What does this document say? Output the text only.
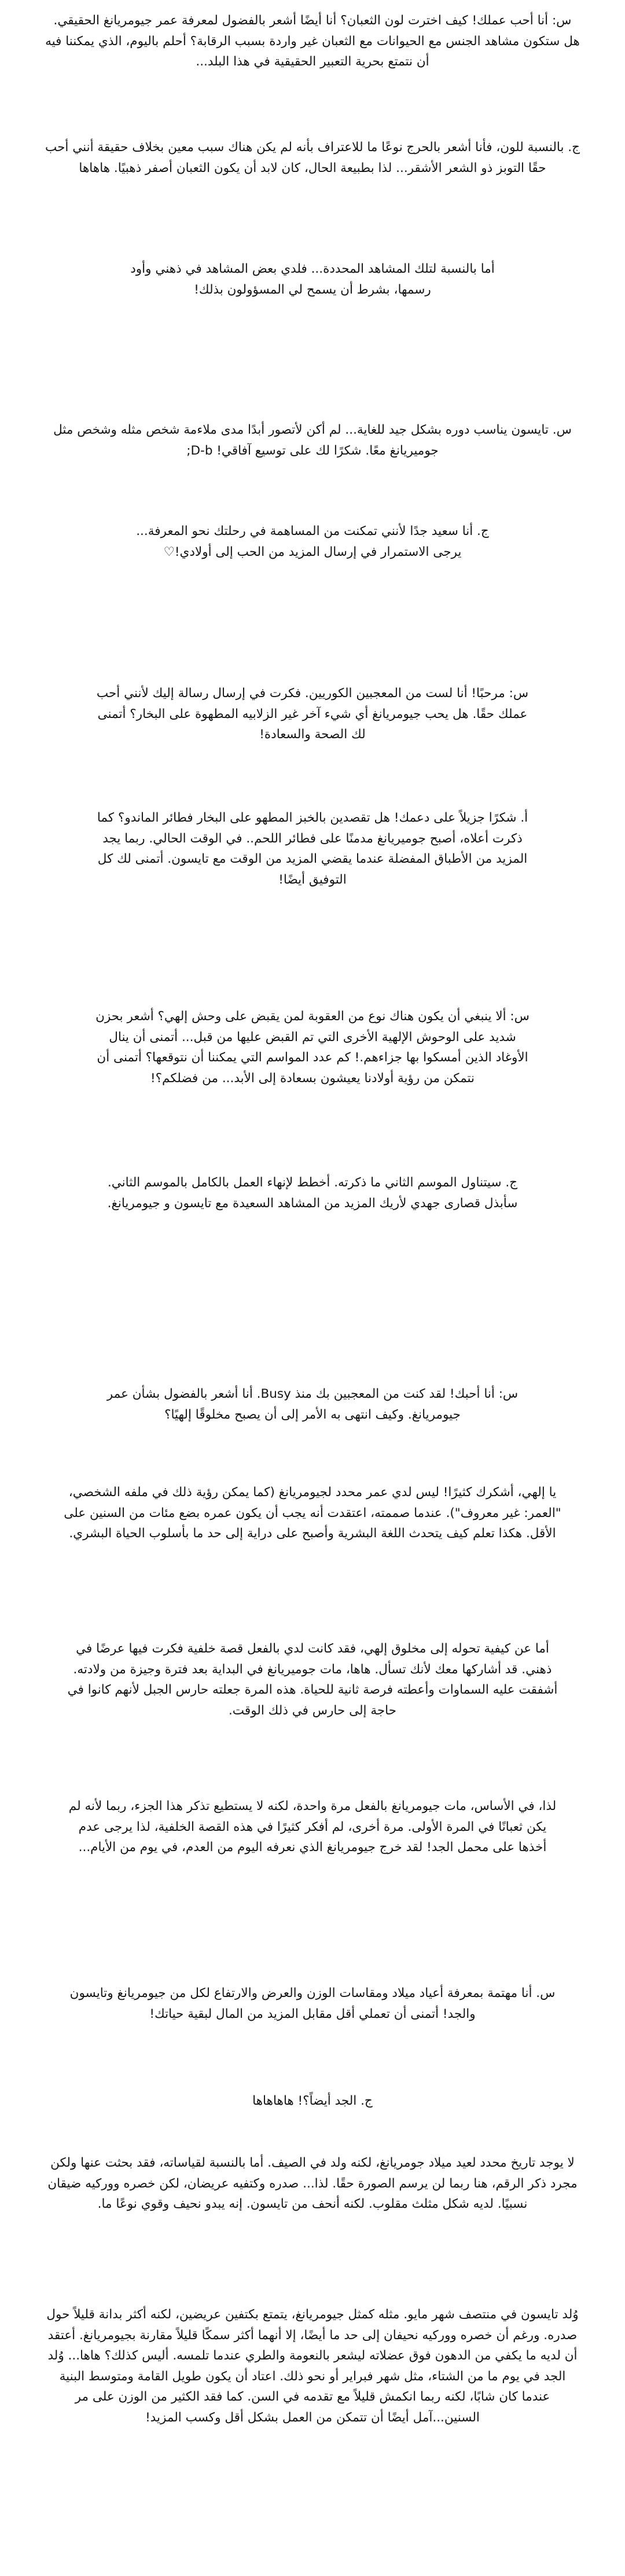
س: أنا أحب عملك! كيف اخترت لون الثعبان؟ أنا أيضًا أشعر بالفضول لمعرفة عمر جيومريانغ الحقيقي. هل ستكون مشاهد الجنس مع الحيوانات مع الثعبان غير واردة بسبب الرقابة؟ أحلم باليوم، الذي يمكننا فيه أن نتمتع بحرية التعبير الحقيقية في هذا البلد...

ج. بالنسبة للون، فأنا أشعر بالحرج نوعًا ما للاعتراف بأنه لم يكن هناك سبب معين بخلاف حقيقة أنني أحب حقًا التوبز ذو الشعر الأشقر... لذا بطبيعة الحال، كان لابد أن يكون الثعبان أصفر ذهبيًا. هاهاها

أما بالنسبة لتلك المشاهد المحددة... فلدي بعض المشاهد في ذهني وأود رسمها، بشرط أن يسمح لي المسؤولون بذلك!

س. تايسون يناسب دوره بشكل جيد للغاية... لم أكن لأتصور أبدًا مدى ملاءمة شخص مثله وشخص مثل جوميريانغ معًا. شكرًا لك على توسيع آفاقي! D-b;

ج. أنا سعيد جدًا لأنني تمكنت من المساهمة في رحلتك نحو المعرفة... يرجى الاستمرار في إرسال المزيد من الحب إلى أولادي!♡

س: مرحبًا! أنا لست من المعجبين الكوريين. فكرت في إرسال رسالة إليك لأنني أحب عملك حقًا. هل يحب جيومريانغ أي شيء آخر غير الزلابيه المطهوة على البخار؟ أتمنى لك الصحة والسعادة!

أ. شكرًا جزيلاً على دعمك! هل تقصدين بالخبز المطهو على البخار فطائر الماندو؟ كما ذكرت أعلاه، أصبح جوميريانغ مدمنًا على فطائر اللحم.. في الوقت الحالي. ربما يجد المزيد من الأطباق المفضلة عندما يقضي المزيد من الوقت مع تايسون. أتمنى لك كل التوفيق أيضًا!

س: ألا ينبغي أن يكون هناك نوع من العقوبة لمن يقبض على وحش إلهي؟ أشعر بحزن شديد على الوحوش الإلهية الأخرى التي تم القبض عليها من قبل... أتمنى أن ينال الأوغاد الذين أمسكوا بها جزاءهم.! كم عدد المواسم التي يمكننا أن نتوقعها؟ أتمنى أن نتمكن من رؤية أولادنا يعيشون بسعادة إلى الأبد... من فضلكم؟!

ج. سيتناول الموسم الثاني ما ذكرته. أخطط لإنهاء العمل بالكامل بالموسم الثاني. سأبذل قصارى جهدي لأريك المزيد من المشاهد السعيدة مع تايسون و جيومريانغ.

س: أنا أحبك! لقد كنت من المعجبين بك منذ Busy. أنا أشعر بالفضول بشأن عمر جيومريانغ. وكيف انتهى به الأمر إلى أن يصبح مخلوقًا إلهيًا؟

يا إلهي، أشكرك كثيرًا! ليس لدي عمر محدد لجيومريانغ (كما يمكن رؤية ذلك في ملفه الشخصي، "العمر: غير معروف"). عندما صممته، اعتقدت أنه يجب أن يكون عمره بضع مئات من السنين على الأقل. هكذا تعلم كيف يتحدث اللغة البشرية وأصبح على دراية إلى حد ما بأسلوب الحياة البشري.

أما عن كيفية تحوله إلى مخلوق إلهي، فقد كانت لدي بالفعل قصة خلفية فكرت فيها عرضًا في ذهني. قد أشاركها معك لأنك تسأل. هاها، مات جوميريانغ في البداية بعد فترة وجيزة من ولادته. أشفقت عليه السماوات وأعطته فرصة ثانية للحياة. هذه المرة جعلته حارس الجبل لأنهم كانوا في حاجة إلى حارس في ذلك الوقت.

لذا، في الأساس، مات جيومريانغ بالفعل مرة واحدة، لكنه لا يستطيع تذكر هذا الجزء، ربما لأنه لم يكن ثعبانًا في المرة الأولى. مرة أخرى، لم أفكر كثيرًا في هذه القصة الخلفية، لذا يرجى عدم أخذها على محمل الجد! لقد خرج جيومريانغ الذي نعرفه اليوم من العدم، في يوم من الأيام...

س. أنا مهتمة بمعرفة أعياد ميلاد ومقاسات الوزن والعرض والارتفاع لكل من جيومريانغ وتايسون والجد! أتمنى أن تعملي أقل مقابل المزيد من المال لبقية حياتك!

ج. الجد أيضاً؟! هاهاهاها

لا يوجد تاريخ محدد لعيد ميلاد جومريانغ، لكنه ولد في الصيف. أما بالنسبة لقياساته، فقد بحثت عنها ولكن مجرد ذكر الرقم، هنا ربما لن يرسم الصورة حقًا. لذا... صدره وكتفيه عريضان، لكن خصره ووركيه ضيقان نسبيًا. لديه شكل مثلث مقلوب. لكنه أنحف من تايسون. إنه يبدو نحيف وقوي نوعًا ما.

وُلد تايسون في منتصف شهر مايو. مثله كمثل جيومريانغ، يتمتع بكتفين عريضين، لكنه أكثر بدانة قليلاً حول صدره. ورغم أن خصره ووركيه نحيفان إلى حد ما أيضًا، إلا أنهما أكثر سمكًا قليلاً مقارنة بجيومريانغ. أعتقد أن لديه ما يكفي من الدهون فوق عضلاته ليشعر بالنعومة والطري عندما تلمسه. أليس كذلك؟ هاها... وُلد الجد في يوم ما من الشتاء، مثل شهر فبراير أو نحو ذلك. اعتاد أن يكون طويل القامة ومتوسط البنية عندما كان شابًا، لكنه ربما انكمش قليلاً مع تقدمه في السن. كما فقد الكثير من الوزن على مر السنين...آمل أيضًا أن تتمكن من العمل بشكل أقل وكسب المزيد!
